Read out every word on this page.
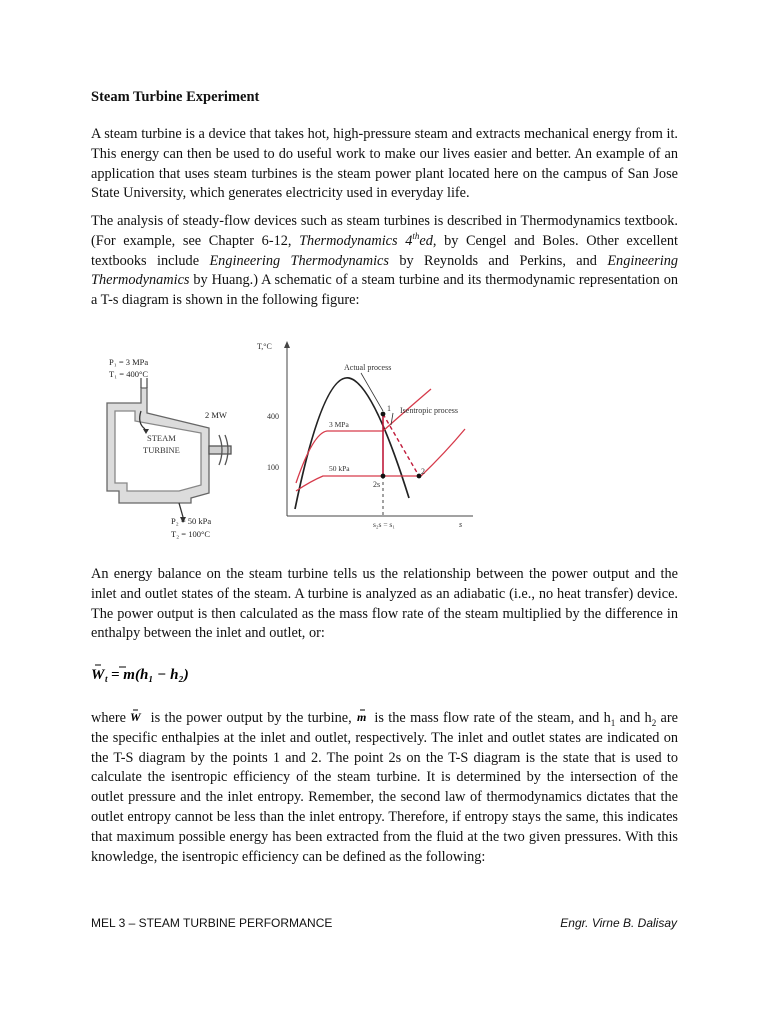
Steam Turbine Experiment

A steam turbine is a device that takes hot, high-pressure steam and extracts mechanical energy from it. This energy can then be used to do useful work to make our lives easier and better. An example of an application that uses steam turbines is the steam power plant located here on the campus of San Jose State University, which generates electricity used in everyday life.

The analysis of steady-flow devices such as steam turbines is described in Thermodynamics textbook. (For example, see Chapter 6-12, Thermodynamics 4thed, by Cengel and Boles. Other excellent textbooks include Engineering Thermodynamics by Reynolds and Perkins, and Engineering Thermodynamics by Huang.) A schematic of a steam turbine and its thermodynamic representation on a T-s diagram is shown in the following figure:

P₁ = 3 MPa
T₁ = 400°C
2 MW
STEAM
TURBINE
P₂ = 50 kPa
T₂ = 100°C
T,°C
s
400
100
Actual process
Isentropic process
3 MPa
50 kPa
1
2
2s
s₂s = s₁

An energy balance on the steam turbine tells us the relationship between the power output and the inlet and outlet states of the steam. A turbine is analyzed as an adiabatic (i.e., no heat transfer) device. The power output is then calculated as the mass flow rate of the steam multiplied by the difference in enthalpy between the inlet and outlet, or:

W t = m(h₁ − h₂)

where W is the power output by the turbine, m is the mass flow rate of the steam, and $h_1$ and $h_2$ are the specific enthalpies at the inlet and outlet, respectively. The inlet and outlet states are indicated on the T-S diagram by the points 1 and 2. The point 2s on the T-S diagram is the state that is used to calculate the isentropic efficiency of the steam turbine. It is determined by the intersection of the outlet pressure and the inlet entropy. Remember, the second law of thermodynamics dictates that the outlet entropy cannot be less than the inlet entropy. Therefore, if entropy stays the same, this indicates that maximum possible energy has been extracted from the fluid at the two given pressures. With this knowledge, the isentropic efficiency can be defined as the following:

MEL 3 – STEAM TURBINE PERFORMANCE	Engr. Virne B. Dalisay
